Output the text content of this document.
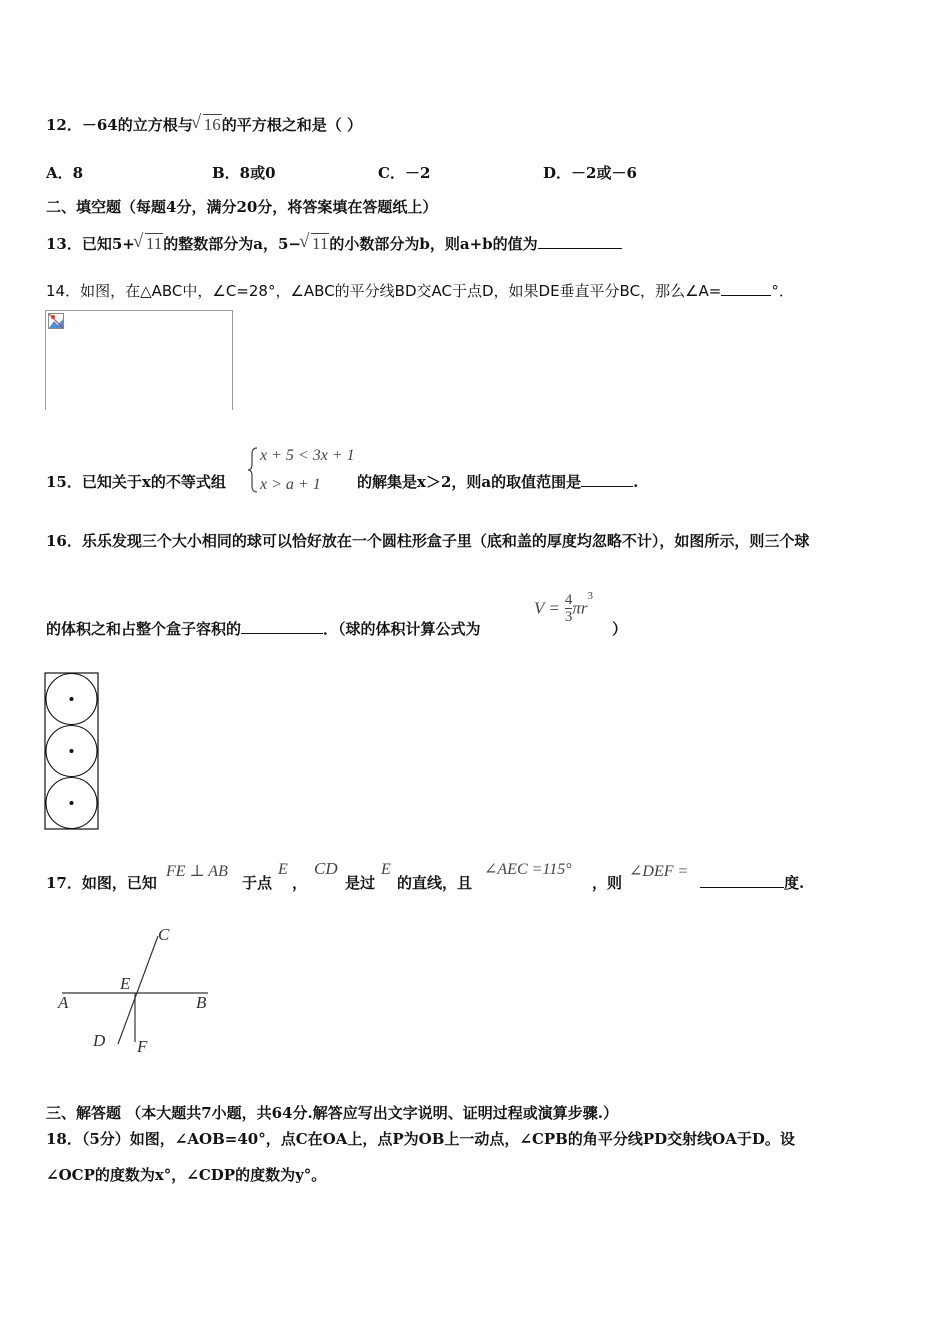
12．－64的立方根与 √ 16的平方根之和是（ ）
A．8	B．8或0	C．－2	D．－2或－6
二、填空题（每题4分，满分20分，将答案填在答题纸上）
13．已知5+ √ 11的整数部分为a，5− √ 11的小数部分为b，则a+b的值为
14．如图，在△ABC中，∠C=28°，∠ABC的平分线BD交AC于点D，如果DE垂直平分BC，那么∠A=	°．
15．已知关于x的不等式组
x + 5 < 3x + 1
x > a + 1 的解集是x＞2，则a的取值范围是	.
16．乐乐发现三个大小相同的球可以恰好放在一个圆柱形盒子里（底和盖的厚度均忽略不计），如图所示，则三个球
的体积之和占整个盒子容积的	．（球的体积计算公式为
$V = \frac{4}{3} \pi r^3$
）
17．如图，已知
FE ⊥ AB
于点
E
，
CD
是过
E
的直线，且
∠AEC =115°
，则
∠DEF =
度.
C
E
A	B
D F
三、解答题 （本大题共7小题，共64分.解答应写出文字说明、证明过程或演算步骤.）
18．（5分）如图，∠AOB=40°，点C在OA上，点P为OB上一动点，∠CPB的角平分线PD交射线OA于D。设
∠OCP的度数为x°，∠CDP的度数为y°。
